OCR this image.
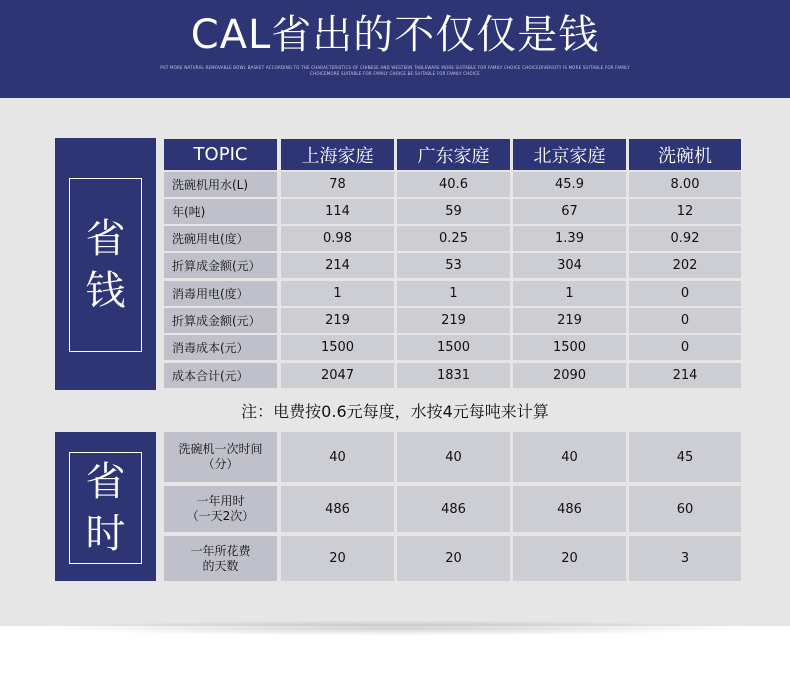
CAL省出的不仅仅是钱
PUT MORE NATURAL REMOVABLE BOWL BASKET ACCORDING TO THE CHARACTERISTICS OF CHINESE AND WESTERN TABLEWARE MORE SUITABLE FOR FAMILY CHOICE CHOICEDIVERSITY IS MORE SUITABLE FOR FAMILY CHOICEMORE SUITABLE FOR FAMILY CHOICE BE SUITABLE FOR FAMILY CHOICE
省
钱
TOPIC	上海家庭	广东家庭	北京家庭	洗碗机
洗碗机用水(L)	78	40.6	45.9	8.00
年(吨)	114	59	67	12
洗碗用电(度）	0.98	0.25	1.39	0.92
折算成金额(元）	214	53	304	202
消毒用电(度）	1	1	1	0
折算成金额(元）	219	219	219	0
消毒成本(元）	1500	1500	1500	0
成本合计(元）	2047	1831	2090	214
省
时
洗碗机一次时间
（分）	40	40	40	45
一年用时
（一天2次）	486	486	486	60
一年所花费
的天数	20	20	20	3
注：电费按0.6元每度，水按4元每吨来计算
